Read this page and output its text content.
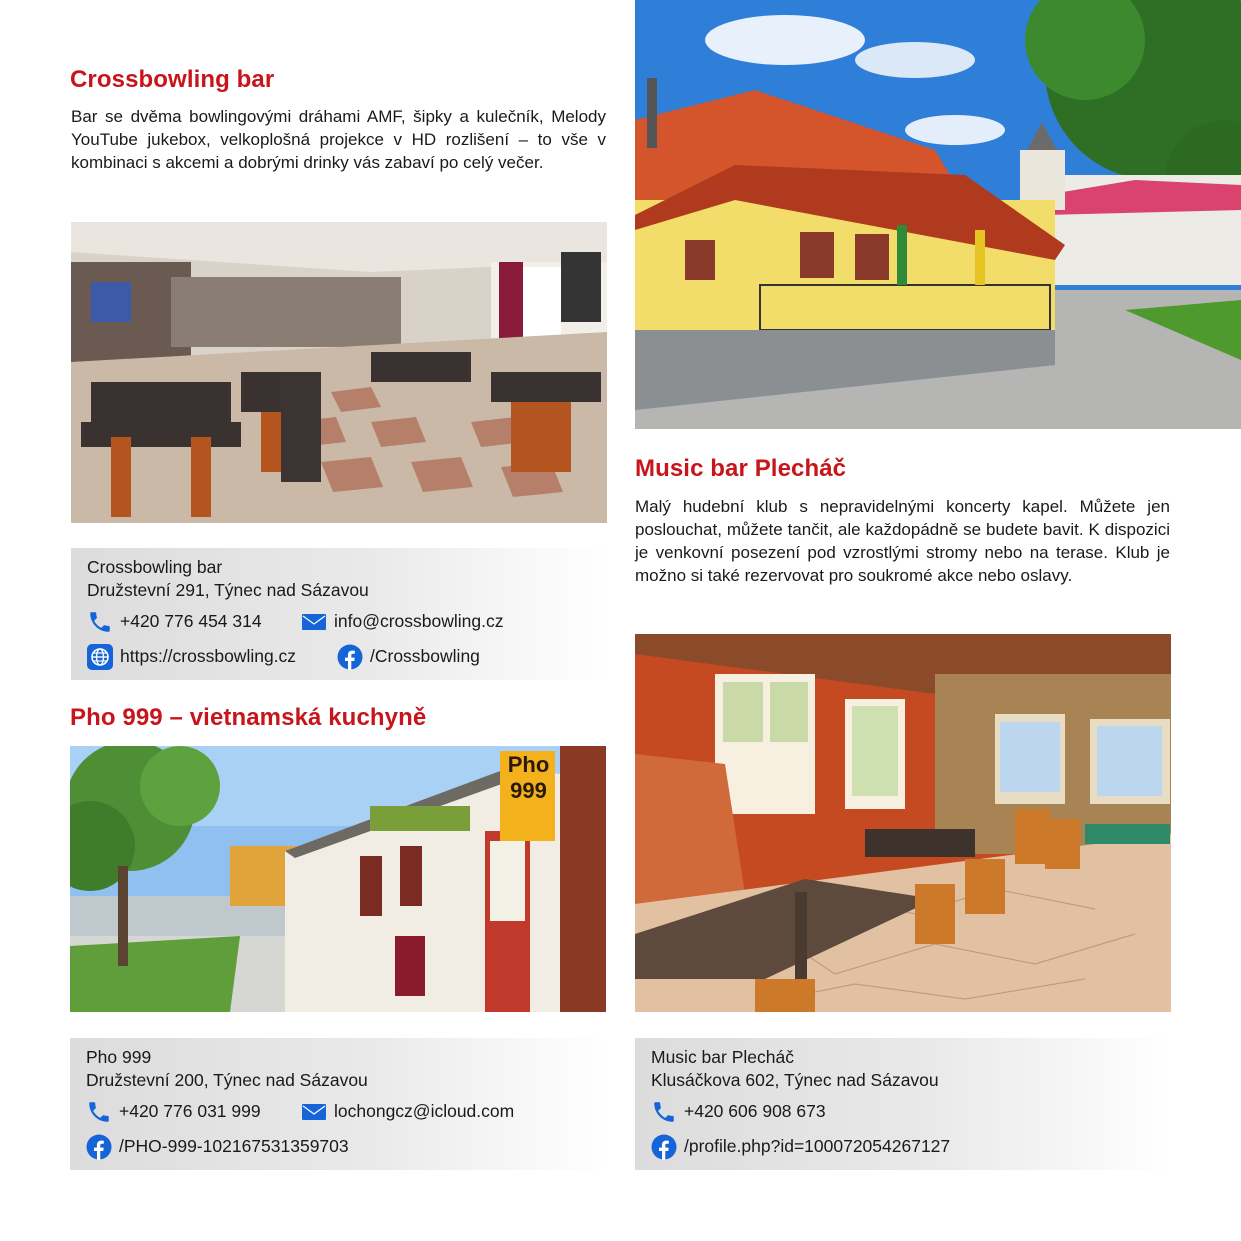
Crossbowling bar

Bar se dvěma bowlingovými dráhami AMF, šipky a kulečník, Melody YouTube jukebox, velkoplošná projekce v HD rozlišení – to vše v kombinaci s akcemi a dobrými drinky vás zabaví po celý večer.

Crossbowling bar
Družstevní 291, Týnec nad Sázavou
+420 776 454 314	info@crossbowling.cz
https://crossbowling.cz	/Crossbowling
Pho 999 – vietnamská kuchyně
Pho
999
Pho 999
Družstevní 200, Týnec nad Sázavou
+420 776 031 999	lochongcz@icloud.com
/PHO-999-102167531359703
Music bar Plecháč

Malý hudební klub s nepravidelnými koncerty kapel. Můžete jen poslouchat, můžete tančit, ale každopádně se budete bavit. K dispozici je venkovní posezení pod vzrostlými stromy nebo na terase. Klub je možno si také rezervovat pro soukromé akce nebo oslavy.

Music bar Plecháč
Klusáčkova 602, Týnec nad Sázavou
+420 606 908 673
/profile.php?id=100072054267127
